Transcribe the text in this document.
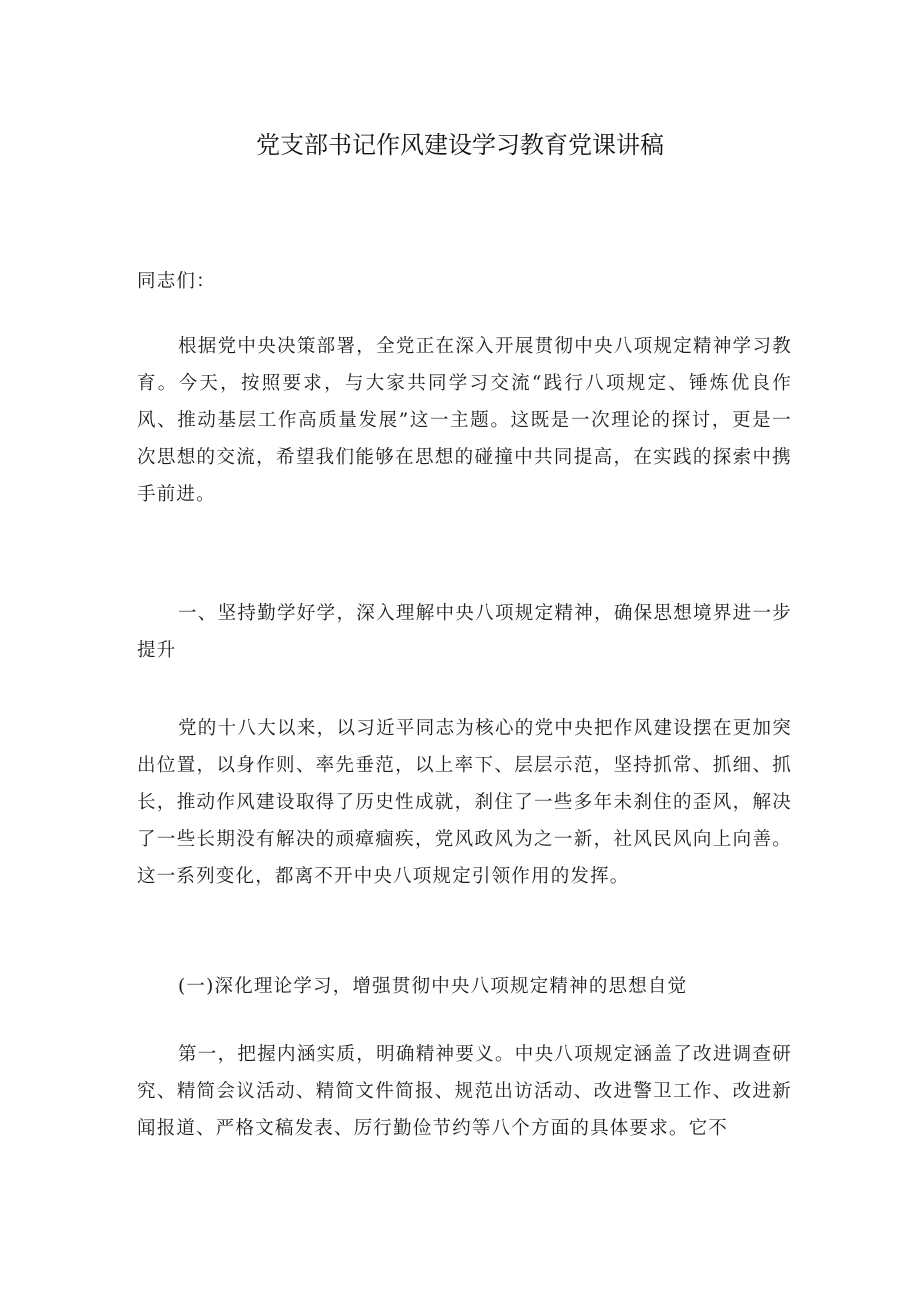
党支部书记作风建设学习教育党课讲稿

同志们：

根据党中央决策部署，全党正在深入开展贯彻中央八项规定精神学习教育。今天，按照要求，与大家共同学习交流“践行八项规定、锤炼优良作风、推动基层工作高质量发展”这一主题。这既是一次理论的探讨，更是一次思想的交流，希望我们能够在思想的碰撞中共同提高，在实践的探索中携手前进。

一、坚持勤学好学，深入理解中央八项规定精神，确保思想境界进一步提升

党的十八大以来，以习近平同志为核心的党中央把作风建设摆在更加突出位置，以身作则、率先垂范，以上率下、层层示范，坚持抓常、抓细、抓长，推动作风建设取得了历史性成就，刹住了一些多年未刹住的歪风，解决了一些长期没有解决的顽瘴痼疾，党风政风为之一新，社风民风向上向善。这一系列变化，都离不开中央八项规定引领作用的发挥。

(一)深化理论学习，增强贯彻中央八项规定精神的思想自觉

第一，把握内涵实质，明确精神要义。中央八项规定涵盖了改进调查研究、精简会议活动、精简文件简报、规范出访活动、改进警卫工作、改进新闻报道、严格文稿发表、厉行勤俭节约等八个方面的具体要求。它不
